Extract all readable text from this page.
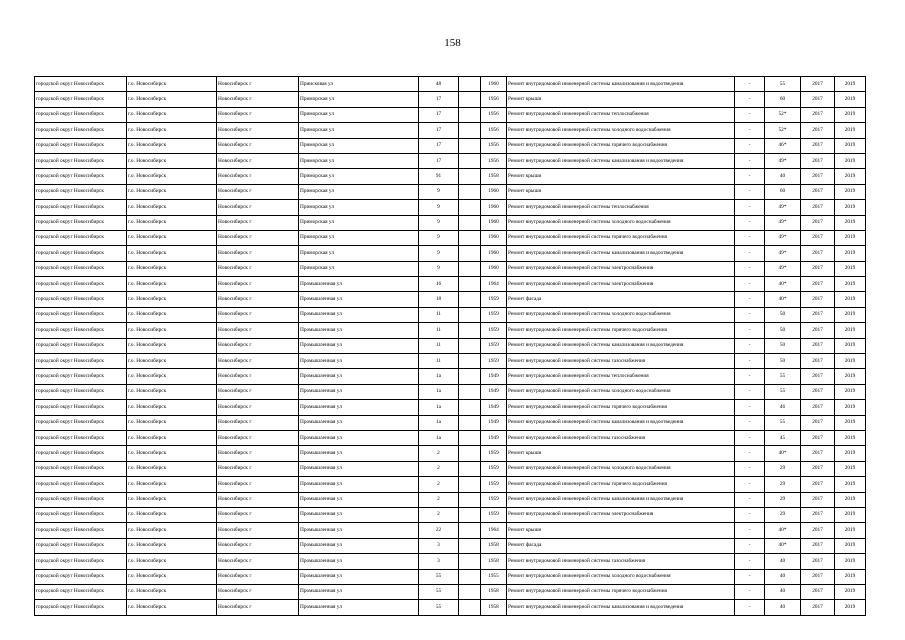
158
городской округ Новосибирск	г.о. Новосибирск	Новосибирск г	Приисковая ул	48		1960	Ремонт внутридомовой инженерной системы канализования и водоотведения	-	55	2017	2019
городской округ Новосибирск	г.о. Новосибирск	Новосибирск г	Приморская ул	17		1956	Ремонт крыши	-	60	2017	2019
городской округ Новосибирск	г.о. Новосибирск	Новосибирск г	Приморская ул	17		1956	Ремонт внутридомовой инженерной системы теплоснабжения	-	52*	2017	2019
городской округ Новосибирск	г.о. Новосибирск	Новосибирск г	Приморская ул	17		1956	Ремонт внутридомовой инженерной системы холодного водоснабжения	-	52*	2017	2019
городской округ Новосибирск	г.о. Новосибирск	Новосибирск г	Приморская ул	17		1956	Ремонт внутридомовой инженерной системы горячего водоснабжения	-	46*	2017	2019
городской округ Новосибирск	г.о. Новосибирск	Новосибирск г	Приморская ул	17		1956	Ремонт внутридомовой инженерной системы канализования и водоотведения	-	49*	2017	2019
городской округ Новосибирск	г.о. Новосибирск	Новосибирск г	Приморская ул	91		1958	Ремонт крыши	-	40	2017	2019
городской округ Новосибирск	г.о. Новосибирск	Новосибирск г	Приморская ул	9		1960	Ремонт крыши	-	60	2017	2019
городской округ Новосибирск	г.о. Новосибирск	Новосибирск г	Приморская ул	9		1960	Ремонт внутридомовой инженерной системы теплоснабжения	-	49*	2017	2019
городской округ Новосибирск	г.о. Новосибирск	Новосибирск г	Приморская ул	9		1960	Ремонт внутридомовой инженерной системы холодного водоснабжения	-	49*	2017	2019
городской округ Новосибирск	г.о. Новосибирск	Новосибирск г	Приморская ул	9		1960	Ремонт внутридомовой инженерной системы горячего водоснабжения	-	49*	2017	2019
городской округ Новосибирск	г.о. Новосибирск	Новосибирск г	Приморская ул	9		1960	Ремонт внутридомовой инженерной системы канализования и водоотведения	-	49*	2017	2019
городской округ Новосибирск	г.о. Новосибирск	Новосибирск г	Приморская ул	9		1960	Ремонт внутридомовой инженерной системы электроснабжения	-	49*	2017	2019
городской округ Новосибирск	г.о. Новосибирск	Новосибирск г	Промышленная ул	16		1964	Ремонт внутридомовой инженерной системы электроснабжения	-	40*	2017	2019
городской округ Новосибирск	г.о. Новосибирск	Новосибирск г	Промышленная ул	18		1959	Ремонт фасада	-	40*	2017	2019
городской округ Новосибирск	г.о. Новосибирск	Новосибирск г	Промышленная ул	11		1959	Ремонт внутридомовой инженерной системы холодного водоснабжения	-	50	2017	2019
городской округ Новосибирск	г.о. Новосибирск	Новосибирск г	Промышленная ул	11		1959	Ремонт внутридомовой инженерной системы горячего водоснабжения	-	50	2017	2019
городской округ Новосибирск	г.о. Новосибирск	Новосибирск г	Промышленная ул	11		1959	Ремонт внутридомовой инженерной системы канализования и водоотведения	-	50	2017	2019
городской округ Новосибирск	г.о. Новосибирск	Новосибирск г	Промышленная ул	11		1959	Ремонт внутридомовой инженерной системы газоснабжения	-	50	2017	2019
городской округ Новосибирск	г.о. Новосибирск	Новосибирск г	Промышленная ул	1а		1949	Ремонт внутридомовой инженерной системы теплоснабжения	-	55	2017	2019
городской округ Новосибирск	г.о. Новосибирск	Новосибирск г	Промышленная ул	1а		1949	Ремонт внутридомовой инженерной системы холодного водоснабжения	-	55	2017	2019
городской округ Новосибирск	г.о. Новосибирск	Новосибирск г	Промышленная ул	1а		1949	Ремонт внутридомовой инженерной системы горячего водоснабжения	-	46	2017	2019
городской округ Новосибирск	г.о. Новосибирск	Новосибирск г	Промышленная ул	1а		1949	Ремонт внутридомовой инженерной системы канализования и водоотведения	-	55	2017	2019
городской округ Новосибирск	г.о. Новосибирск	Новосибирск г	Промышленная ул	1а		1949	Ремонт внутридомовой инженерной системы газоснабжения	-	45	2017	2019
городской округ Новосибирск	г.о. Новосибирск	Новосибирск г	Промышленная ул	2		1959	Ремонт крыши	-	40*	2017	2019
городской округ Новосибирск	г.о. Новосибирск	Новосибирск г	Промышленная ул	2		1959	Ремонт внутридомовой инженерной системы холодного водоснабжения	-	29	2017	2019
городской округ Новосибирск	г.о. Новосибирск	Новосибирск г	Промышленная ул	2		1959	Ремонт внутридомовой инженерной системы горячего водоснабжения	-	29	2017	2019
городской округ Новосибирск	г.о. Новосибирск	Новосибирск г	Промышленная ул	2		1959	Ремонт внутридомовой инженерной системы канализования и водоотведения	-	29	2017	2019
городской округ Новосибирск	г.о. Новосибирск	Новосибирск г	Промышленная ул	2		1959	Ремонт внутридомовой инженерной системы электроснабжения	-	29	2017	2019
городской округ Новосибирск	г.о. Новосибирск	Новосибирск г	Промышленная ул	22		1964	Ремонт крыши	-	40*	2017	2019
городской округ Новосибирск	г.о. Новосибирск	Новосибирск г	Промышленная ул	3		1958	Ремонт фасада	-	40*	2017	2019
городской округ Новосибирск	г.о. Новосибирск	Новосибирск г	Промышленная ул	3		1958	Ремонт внутридомовой инженерной системы газоснабжения	-	40	2017	2019
городской округ Новосибирск	г.о. Новосибирск	Новосибирск г	Промышленная ул	55		1955	Ремонт внутридомовой инженерной системы холодного водоснабжения	-	40	2017	2019
городской округ Новосибирск	г.о. Новосибирск	Новосибирск г	Промышленная ул	55		1958	Ремонт внутридомовой инженерной системы горячего водоснабжения	-	40	2017	2019
городской округ Новосибирск	г.о. Новосибирск	Новосибирск г	Промышленная ул	55		1958	Ремонт внутридомовой инженерной системы канализования и водоотведения	-	40	2017	2019
